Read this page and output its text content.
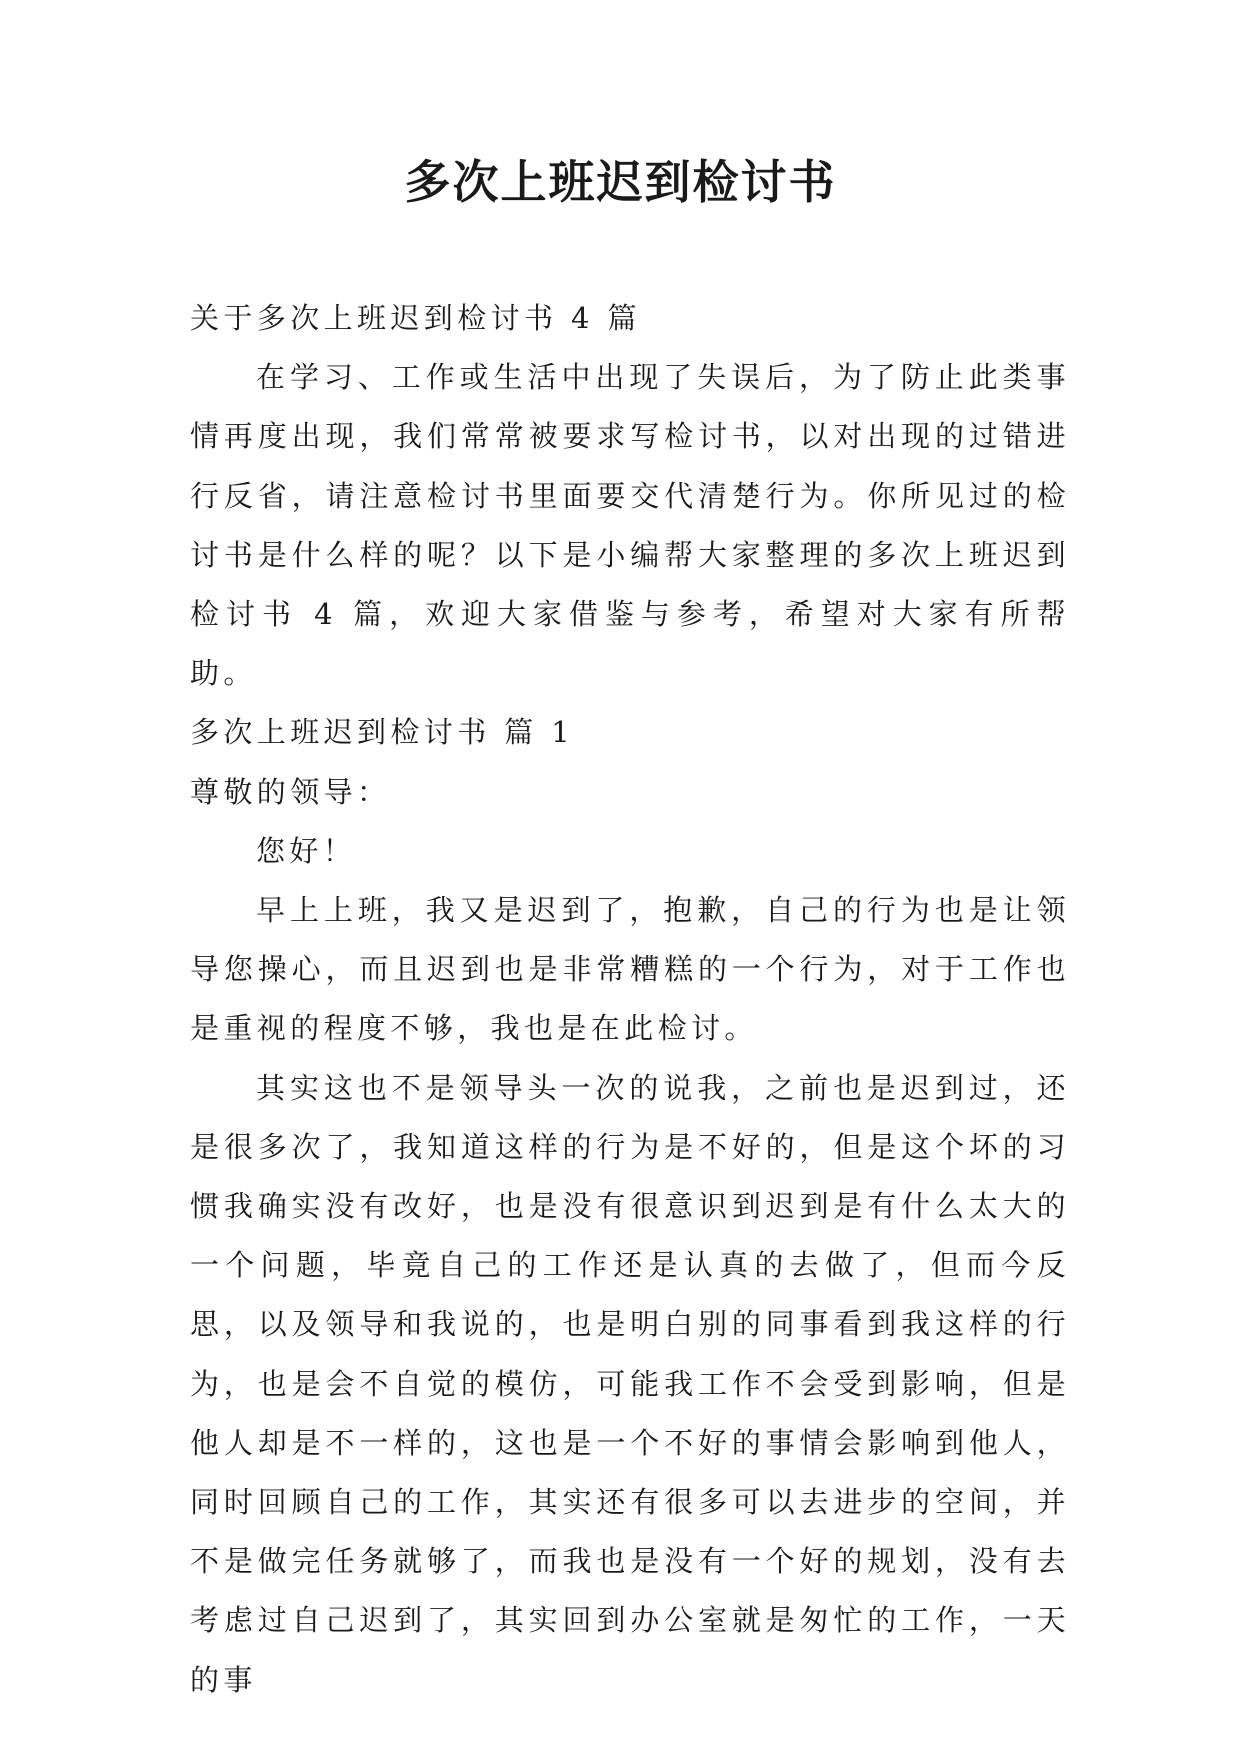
多次上班迟到检讨书

关于多次上班迟到检讨书 4 篇

在学习、工作或生活中出现了失误后，为了防止此类事情再度出现，我们常常被要求写检讨书，以对出现的过错进行反省，请注意检讨书里面要交代清楚行为。你所见过的检讨书是什么样的呢？以下是小编帮大家整理的多次上班迟到检讨书 4 篇，欢迎大家借鉴与参考，希望对大家有所帮助。

多次上班迟到检讨书 篇 1

尊敬的领导：

您好！

早上上班，我又是迟到了，抱歉，自己的行为也是让领导您操心，而且迟到也是非常糟糕的一个行为，对于工作也是重视的程度不够，我也是在此检讨。

其实这也不是领导头一次的说我，之前也是迟到过，还是很多次了，我知道这样的行为是不好的，但是这个坏的习惯我确实没有改好，也是没有很意识到迟到是有什么太大的一个问题，毕竟自己的工作还是认真的去做了，但而今反思，以及领导和我说的，也是明白别的同事看到我这样的行为，也是会不自觉的模仿，可能我工作不会受到影响，但是他人却是不一样的，这也是一个不好的事情会影响到他人，同时回顾自己的工作，其实还有很多可以去进步的空间，并不是做完任务就够了，而我也是没有一个好的规划，没有去考虑过自己迟到了，其实回到办公室就是匆忙的工作，一天的事
